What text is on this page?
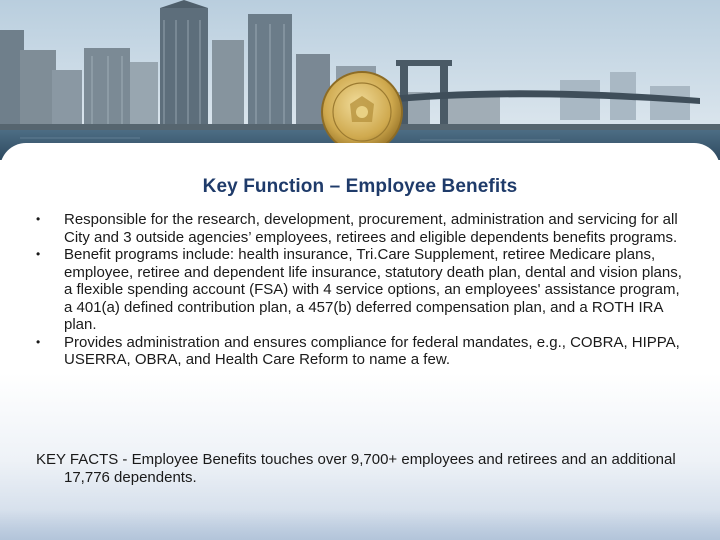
Key Function – Employee Benefits
•	Responsible for the research, development, procurement, administration and servicing for all City and 3 outside agencies’ employees, retirees and eligible dependents benefits programs.
•	Benefit programs include: health insurance, Tri.Care Supplement, retiree Medicare plans, employee, retiree and dependent life insurance, statutory death plan, dental and vision plans, a flexible spending account (FSA) with 4 service options, an employees' assistance program, a 401(a) defined contribution plan, a 457(b) deferred compensation plan, and a ROTH IRA plan.
•	Provides administration and ensures compliance for federal mandates, e.g., COBRA, HIPPA, USERRA, OBRA, and Health Care Reform to name a few.

KEY FACTS - Employee Benefits touches over 9,700+ employees and retirees and an additional 17,776 dependents.
